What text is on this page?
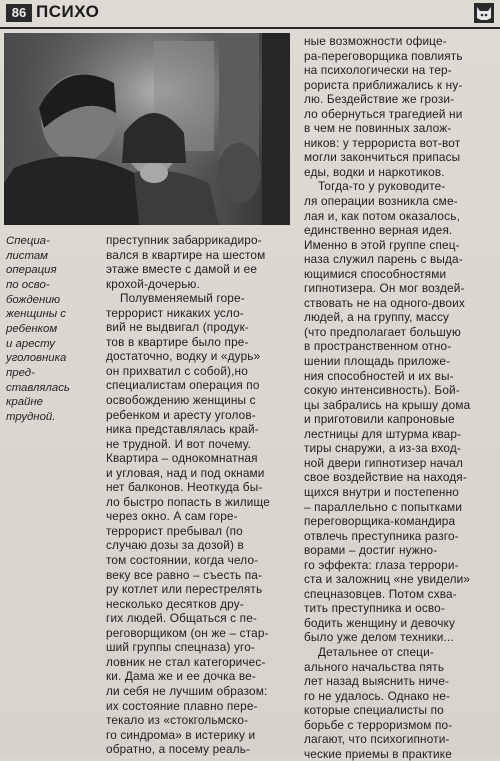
86 ПСИХО
Специа-
листам
операция
по осво-
бождению
женщины с
ребенком
и аресту
уголовника
пред-
ставлялась
крайне
трудной.
преступник забаррикадиро-
вался в квартире на шестом
этаже вместе с дамой и ее
крохой-дочерью.
Полувменяемый горе-
террорист никаких усло-
вий не выдвигал (продук-
тов в квартире было пре-
достаточно, водку и «дурь»
он прихватил с собой),но
специалистам операция по
освобождению женщины с
ребенком и аресту уголов-
ника представлялась край-
не трудной. И вот почему.
Квартира – однокомнатная
и угловая, над и под окнами
нет балконов. Неоткуда бы-
ло быстро попасть в жилище
через окно. А сам горе-
террорист пребывал (по
случаю дозы за дозой) в
том состоянии, когда чело-
веку все равно – съесть па-
ру котлет или перестрелять
несколько десятков дру-
гих людей. Общаться с пе-
реговорщиком (он же – стар-
ший группы спецназа) уго-
ловник не стал категоричес-
ки. Дама же и ее дочка ве-
ли себя не лучшим образом:
их состояние плавно пере-
текало из «стокгольмско-
го синдрома» в истерику и
обратно, а посему реаль-
ные возможности офице-
ра-переговорщика повлиять
на психологически на тер-
рориста приближались к ну-
лю. Бездействие же грози-
ло обернуться трагедией ни
в чем не повинных залож-
ников: у террориста вот-вот
могли закончиться припасы
еды, водки и наркотиков.
Тогда-то у руководите-
ля операции возникла сме-
лая и, как потом оказалось,
единственно верная идея.
Именно в этой группе спец-
наза служил парень с выда-
ющимися способностями
гипнотизера. Он мог воздей-
ствовать не на одного-двоих
людей, а на группу, массу
(что предполагает большую
в пространственном отно-
шении площадь приложе-
ния способностей и их вы-
сокую интенсивность). Бой-
цы забрались на крышу дома
и приготовили капроновые
лестницы для штурма квар-
тиры снаружи, а из-за вход-
ной двери гипнотизер начал
свое воздействие на находя-
щихся внутри и постепенно
– параллельно с попытками
переговорщика-командира
отвлечь преступника разго-
ворами – достиг нужно-
го эффекта: глаза террори-
ста и заложниц «не увидели»
спецназовцев. Потом схва-
тить преступника и осво-
бодить женщину и девочку
было уже делом техники...
Детальнее от специ-
ального начальства пять
лет назад выяснить ниче-
го не удалось. Однако не-
которые специалисты по
борьбе с терроризмом по-
лагают, что психогипноти-
ческие приемы в практике
